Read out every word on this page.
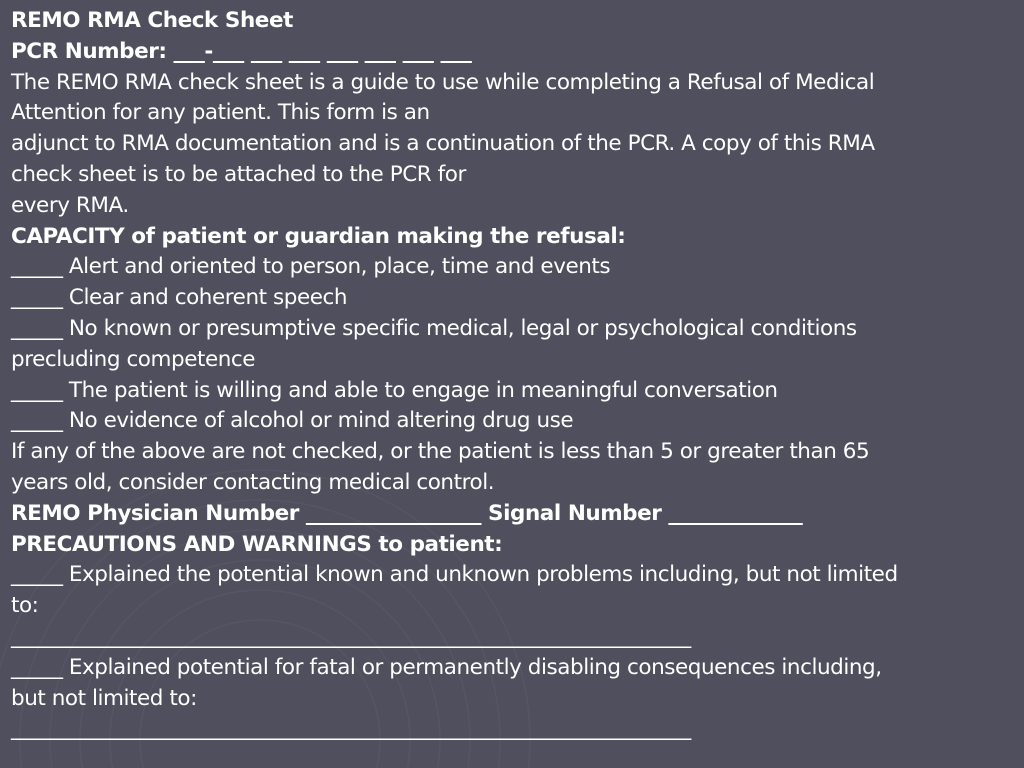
REMO RMA Check Sheet
PCR Number: ___-___ ___ ___ ___ ___ ___ ___
The REMO RMA check sheet is a guide to use while completing a Refusal of Medical
Attention for any patient. This form is an
adjunct to RMA documentation and is a continuation of the PCR. A copy of this RMA
check sheet is to be attached to the PCR for
every RMA.
CAPACITY of patient or guardian making the refusal:
_____ Alert and oriented to person, place, time and events
_____ Clear and coherent speech
_____ No known or presumptive specific medical, legal or psychological conditions
precluding competence
_____ The patient is willing and able to engage in meaningful conversation
_____ No evidence of alcohol or mind altering drug use
If any of the above are not checked, or the patient is less than 5 or greater than 65
years old, consider contacting medical control.
REMO Physician Number _________________ Signal Number _____________
PRECAUTIONS AND WARNINGS to patient:
_____ Explained the potential known and unknown problems including, but not limited
to:
__________________________________________________________________
_____ Explained potential for fatal or permanently disabling consequences including,
but not limited to:
__________________________________________________________________
